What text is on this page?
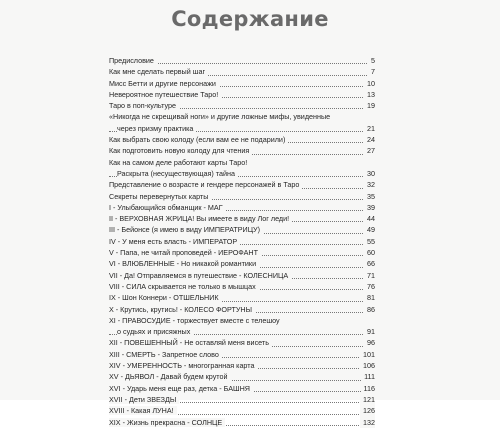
Содержание
Предисловие	5
Как мне сделать первый шаг	7
Мисс Бетти и другие персонажи	10
Невероятное путешествие Таро!	13
Таро в поп-культуре	19
«Никогда не скрещивай ноги» и другие ложные мифы, увиденные
через призму практика	21
Как выбрать свою колоду (если вам ее не подарили)	24
Как подготовить новую колоду для чтения	27
Как на самом деле работают карты Таро!
Раскрыта (несуществующая) тайна	30
Представление о возрасте и гендере персонажей в Таро	32
Секреты перевернутых карты	35
I - Улыбающийся обманщик - МАГ	39
II - ВЕРХОВНАЯ ЖРИЦА! Вы имеете в виду Лог леди!	44
III - Бейонсе (я имею в виду ИМПЕРАТРИЦУ)	49
IV - У меня есть власть - ИМПЕРАТОР	55
V - Папа, не читай проповедей - ИЕРОФАНТ	60
VI - ВЛЮБЛЕННЫЕ - Но никакой романтики	66
VII - Да! Отправляемся в путешествие - КОЛЕСНИЦА	71
VIII - СИЛА скрывается не только в мышцах	76
IX - Шон Коннери - ОТШЕЛЬНИК	81
X - Крутись, крутись! - КОЛЕСО ФОРТУНЫ	86
XI - ПРАВОСУДИЕ - торжествует вместе с телешоу
о судьях и присяжных	91
XII - ПОВЕШЕННЫЙ - Не оставляй меня висеть	96
XIII - СМЕРТЬ - Запретное слово	101
XIV - УМЕРЕННОСТЬ - многогранная карта	106
XV - ДЬЯВОЛ - Давай будем крутой	111
XVI - Ударь меня еще раз, детка - БАШНЯ	116
XVII - Дети ЗВЕЗДЫ	121
XVIII - Какая ЛУНА!	126
XIX - Жизнь прекрасна - СОЛНЦЕ	132
